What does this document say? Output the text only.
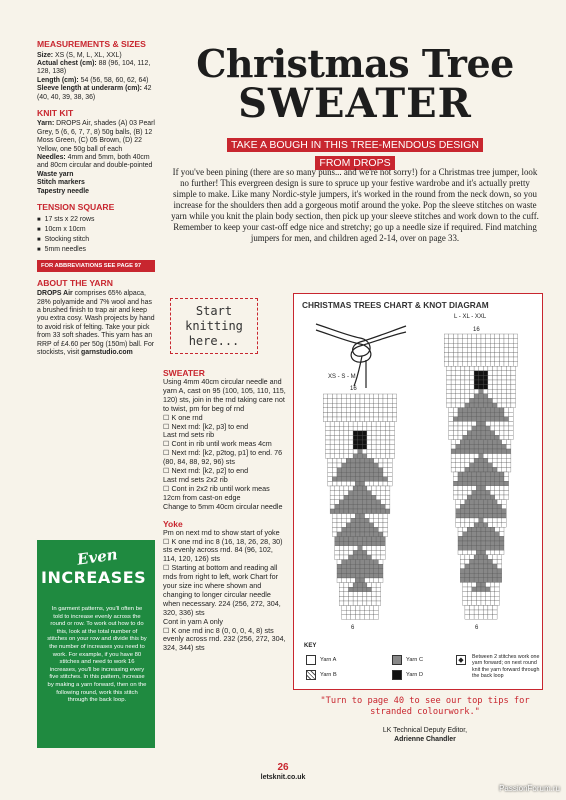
MEASUREMENTS & SIZES
Size: XS (S, M, L, XL, XXL)
Actual chest (cm): 88 (96, 104, 112, 128, 138)
Length (cm): 54 (56, 58, 60, 62, 64)
Sleeve length at underarm (cm): 42 (40, 40, 39, 38, 36)
KNIT KIT
Yarn: DROPS Air, shades (A) 03 Pearl Grey, 5 (6, 6, 7, 7, 8) 50g balls, (B) 12 Moss Green, (C) 05 Brown, (D) 22 Yellow, one 50g ball of each
Needles: 4mm and 5mm, both 40cm and 80cm circular and double-pointed
Waste yarn
Stitch markers
Tapestry needle
TENSION SQUARE
■ 17 sts x 22 rows
■ 10cm x 10cm
■ Stocking stitch
■ 5mm needles
FOR ABBREVIATIONS SEE PAGE 97
ABOUT THE YARN
DROPS Air comprises 65% alpaca, 28% polyamide and 7% wool and has a brushed finish to trap air and keep you extra cosy. Wash projects by hand to avoid risk of felting. Take your pick from 33 soft shades. This yarn has an RRP of £4.60 per 50g (150m) ball. For stockists, visit garnstudio.com
Even
INCREASES
In garment patterns, you'll often be told to increase evenly across the round or row. To work out how to do this, look at the total number of stitches on your row and divide this by the number of increases you need to work. For example, if you have 80 stitches and need to work 16 increases, you'll be increasing every five stitches. In this pattern, increase by making a yarn forward, then on the following round, work this stitch through the back loop.
Christmas Tree
SWEATER
TAKE A BOUGH IN THIS TREE-MENDOUS DESIGN FROM DROPS
If you've been pining (there are so many puns... and we're not sorry!) for a Christmas tree jumper, look no further! This evergreen design is sure to spruce up your festive wardrobe and it's actually pretty simple to make. Like many Nordic-style jumpers, it's worked in the round from the neck down, so you increase for the shoulders then add a gorgeous motif around the yoke. Pop the sleeve stitches on waste yarn while you knit the plain body section, then pick up your sleeve stitches and work down to the cuff. Remember to keep your cast-off edge nice and stretchy; go up a needle size if required. Find matching jumpers for men, and children aged 2-14, over on page 33.
Start
knitting
here...
SWEATER
Using 4mm 40cm circular needle and yarn A, cast on 95 (100, 105, 110, 115, 120) sts, join in the rnd taking care not to twist, pm for beg of rnd
☐ K one rnd
☐ Next rnd: [k2, p3] to end
Last rnd sets rib
☐ Cont in rib until work meas 4cm
☐ Next rnd: [k2, p2tog, p1] to end. 76 (80, 84, 88, 92, 96) sts
☐ Next rnd: [k2, p2] to end
Last rnd sets 2x2 rib
☐ Cont in 2x2 rib until work meas 12cm from cast-on edge
Change to 5mm 40cm circular needle
Yoke
Pm on next rnd to show start of yoke
☐ K one rnd inc 8 (16, 18, 26, 28, 30) sts evenly across rnd. 84 (96, 102, 114, 120, 126) sts
☐ Starting at bottom and reading all rnds from right to left, work Chart for your size inc where shown and changing to longer circular needle when necessary. 224 (256, 272, 304, 320, 336) sts
Cont in yarn A only
☐ K one rnd inc 8 (0, 0, 0, 4, 8) sts evenly across rnd. 232 (256, 272, 304, 324, 344) sts
CHRISTMAS TREES CHART & KNOT DIAGRAM
XS - S - M
L - XL - XXL
16
16
6	6
KEY
Yarn A
Yarn B
Yarn C
Yarn D
◆	Between 2 stitches work one yarn forward; on next round knit the yarn forward through the back loop
"Turn to page 40 to see our top tips for stranded colourwork."
LK Technical Deputy Editor,
Adrienne Chandler
26
letsknit.co.uk
PassionForum.ru
